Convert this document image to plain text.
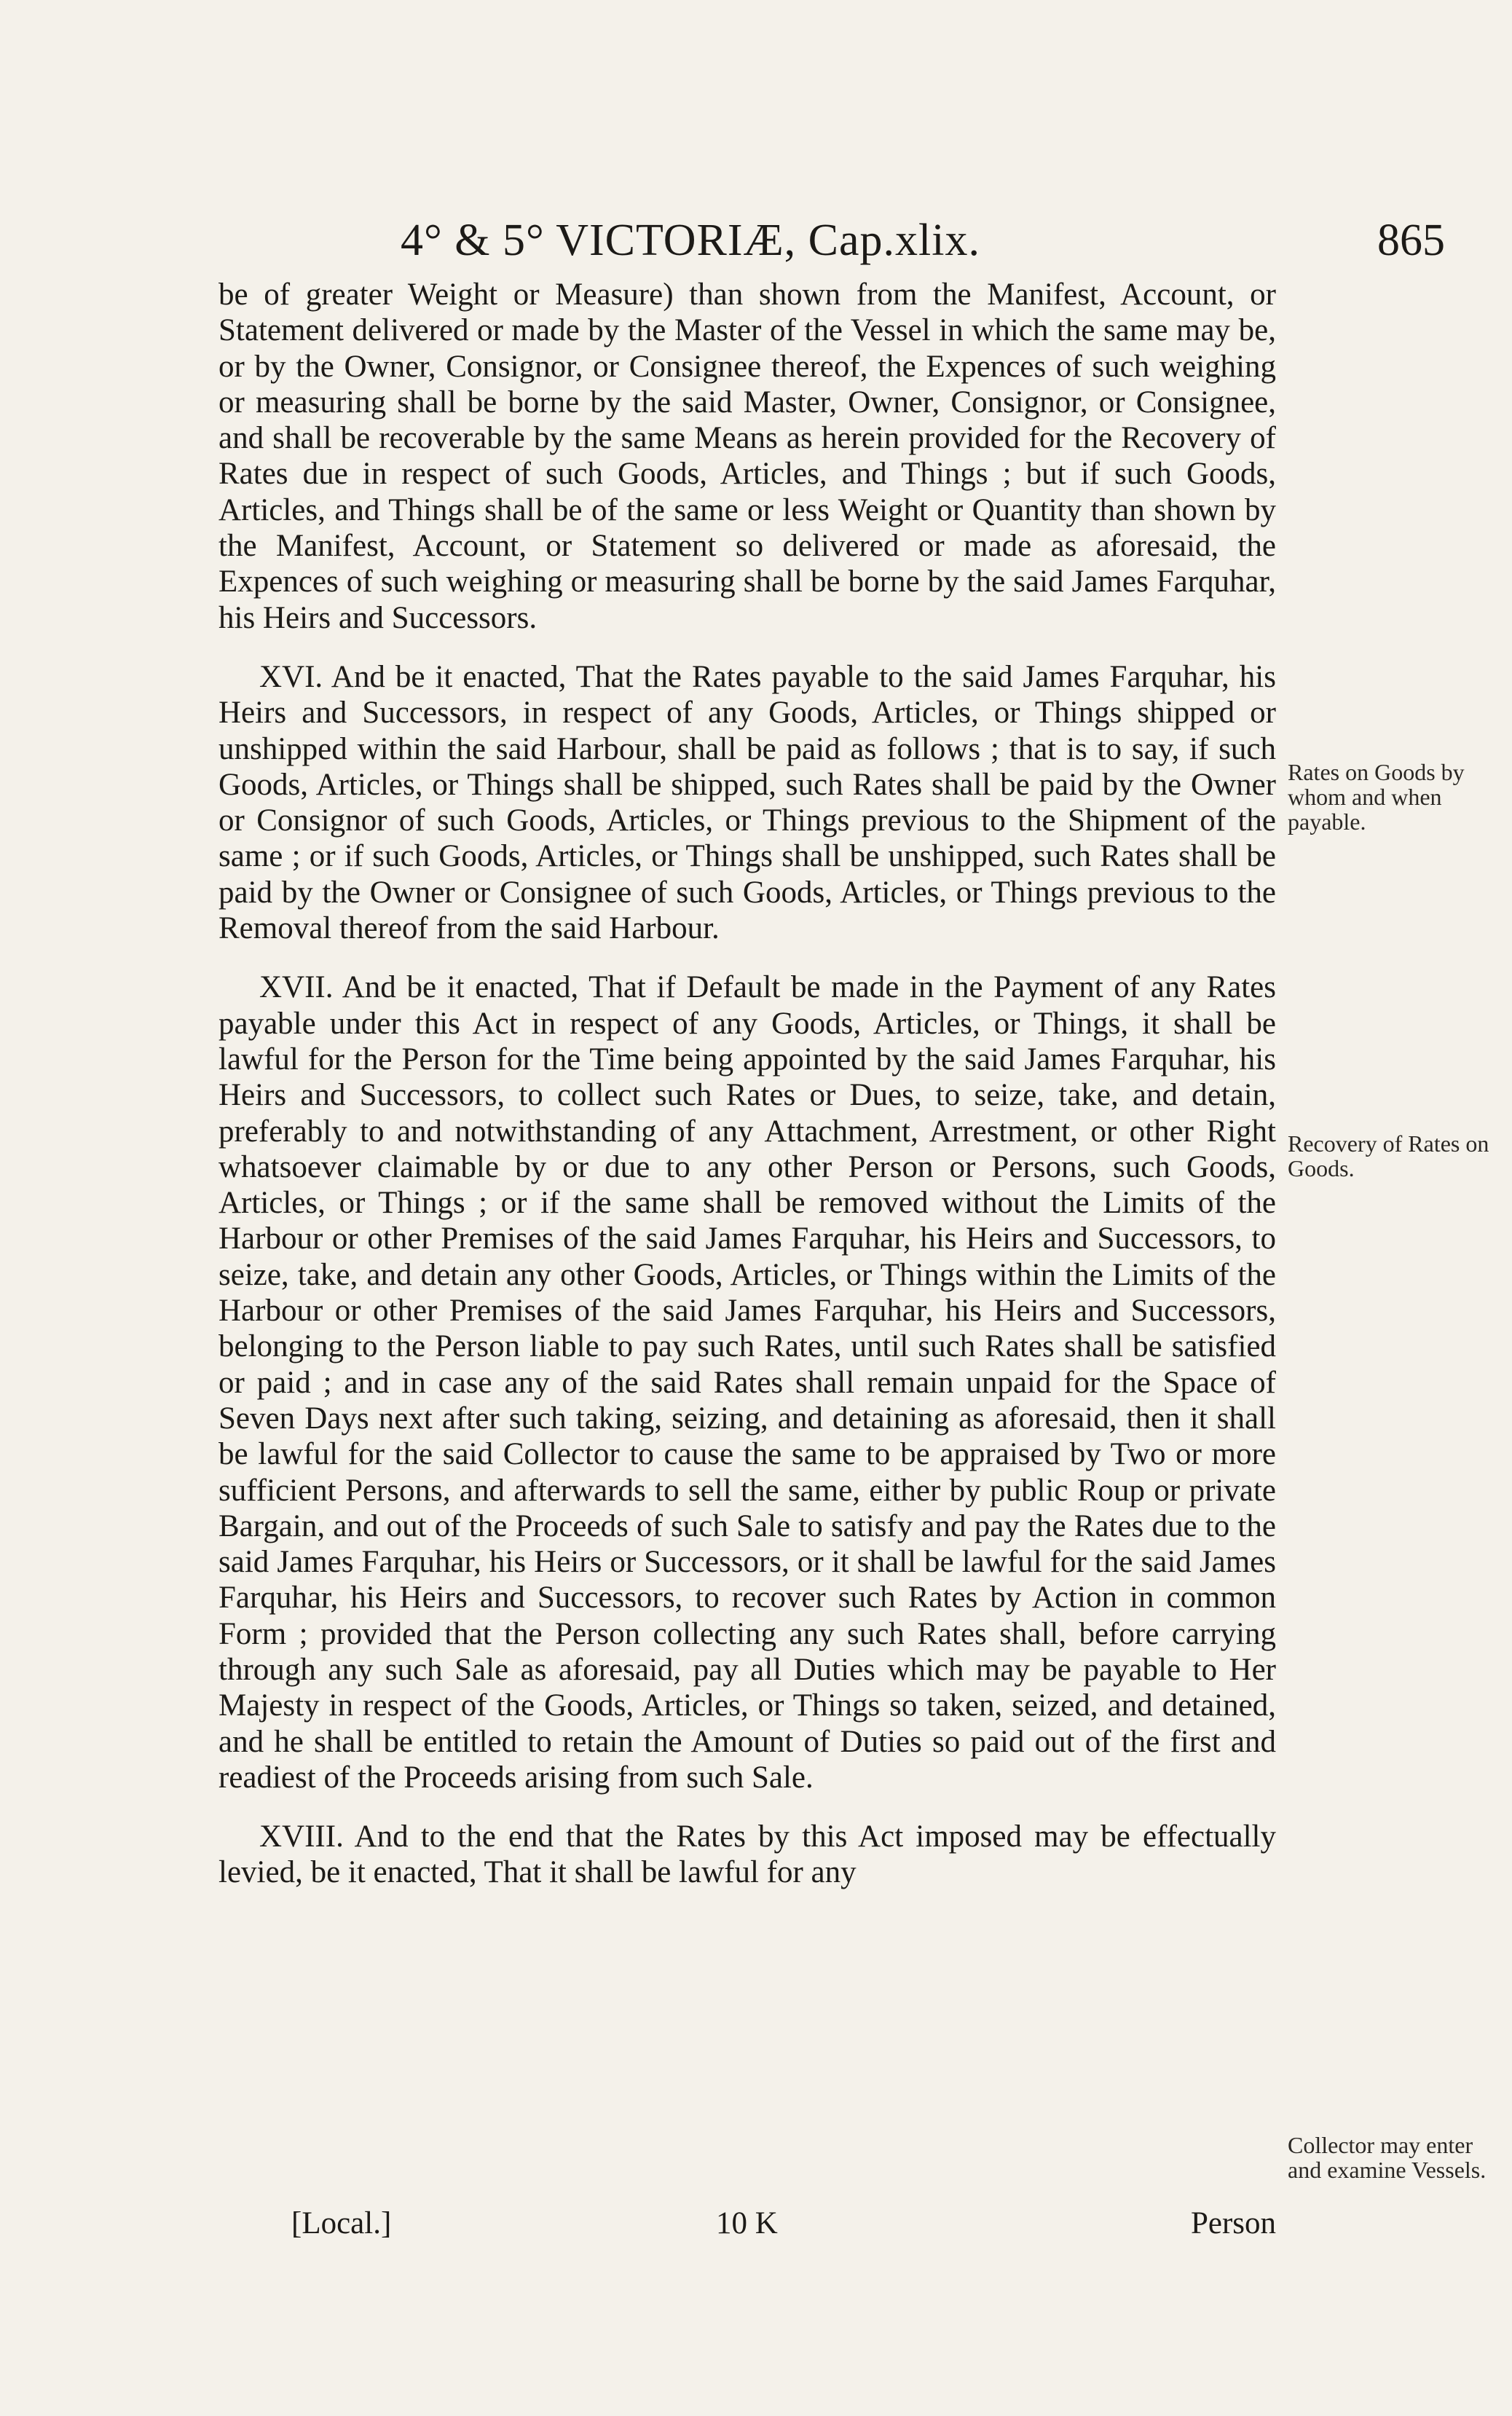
4° & 5° VICTORIÆ, Cap.xlix.	865

be of greater Weight or Measure) than shown from the Manifest, Account, or Statement delivered or made by the Master of the Vessel in which the same may be, or by the Owner, Consignor, or Consignee thereof, the Expences of such weighing or measuring shall be borne by the said Master, Owner, Consignor, or Consignee, and shall be recoverable by the same Means as herein provided for the Recovery of Rates due in respect of such Goods, Articles, and Things ; but if such Goods, Articles, and Things shall be of the same or less Weight or Quantity than shown by the Manifest, Account, or Statement so delivered or made as aforesaid, the Expences of such weighing or measuring shall be borne by the said James Farquhar, his Heirs and Successors.

XVI. And be it enacted, That the Rates payable to the said James Farquhar, his Heirs and Successors, in respect of any Goods, Articles, or Things shipped or unshipped within the said Harbour, shall be paid as follows ; that is to say, if such Goods, Articles, or Things shall be shipped, such Rates shall be paid by the Owner or Consignor of such Goods, Articles, or Things previous to the Shipment of the same ; or if such Goods, Articles, or Things shall be unshipped, such Rates shall be paid by the Owner or Consignee of such Goods, Articles, or Things previous to the Removal thereof from the said Harbour.

XVII. And be it enacted, That if Default be made in the Payment of any Rates payable under this Act in respect of any Goods, Articles, or Things, it shall be lawful for the Person for the Time being appointed by the said James Farquhar, his Heirs and Successors, to collect such Rates or Dues, to seize, take, and detain, preferably to and notwithstanding of any Attachment, Arrestment, or other Right whatsoever claimable by or due to any other Person or Persons, such Goods, Articles, or Things ; or if the same shall be removed without the Limits of the Harbour or other Premises of the said James Farquhar, his Heirs and Successors, to seize, take, and detain any other Goods, Articles, or Things within the Limits of the Harbour or other Premises of the said James Farquhar, his Heirs and Successors, belonging to the Person liable to pay such Rates, until such Rates shall be satisfied or paid ; and in case any of the said Rates shall remain unpaid for the Space of Seven Days next after such taking, seizing, and detaining as aforesaid, then it shall be lawful for the said Collector to cause the same to be appraised by Two or more sufficient Persons, and afterwards to sell the same, either by public Roup or private Bargain, and out of the Proceeds of such Sale to satisfy and pay the Rates due to the said James Farquhar, his Heirs or Successors, or it shall be lawful for the said James Farquhar, his Heirs and Successors, to recover such Rates by Action in common Form ; provided that the Person collecting any such Rates shall, before carrying through any such Sale as aforesaid, pay all Duties which may be payable to Her Majesty in respect of the Goods, Articles, or Things so taken, seized, and detained, and he shall be entitled to retain the Amount of Duties so paid out of the first and readiest of the Proceeds arising from such Sale.

XVIII. And to the end that the Rates by this Act imposed may be effectually levied, be it enacted, That it shall be lawful for any

Rates on Goods by whom and when payable.
Recovery of Rates on Goods.
Collector may enter and examine Vessels.
[Local.]	10 K	Person
